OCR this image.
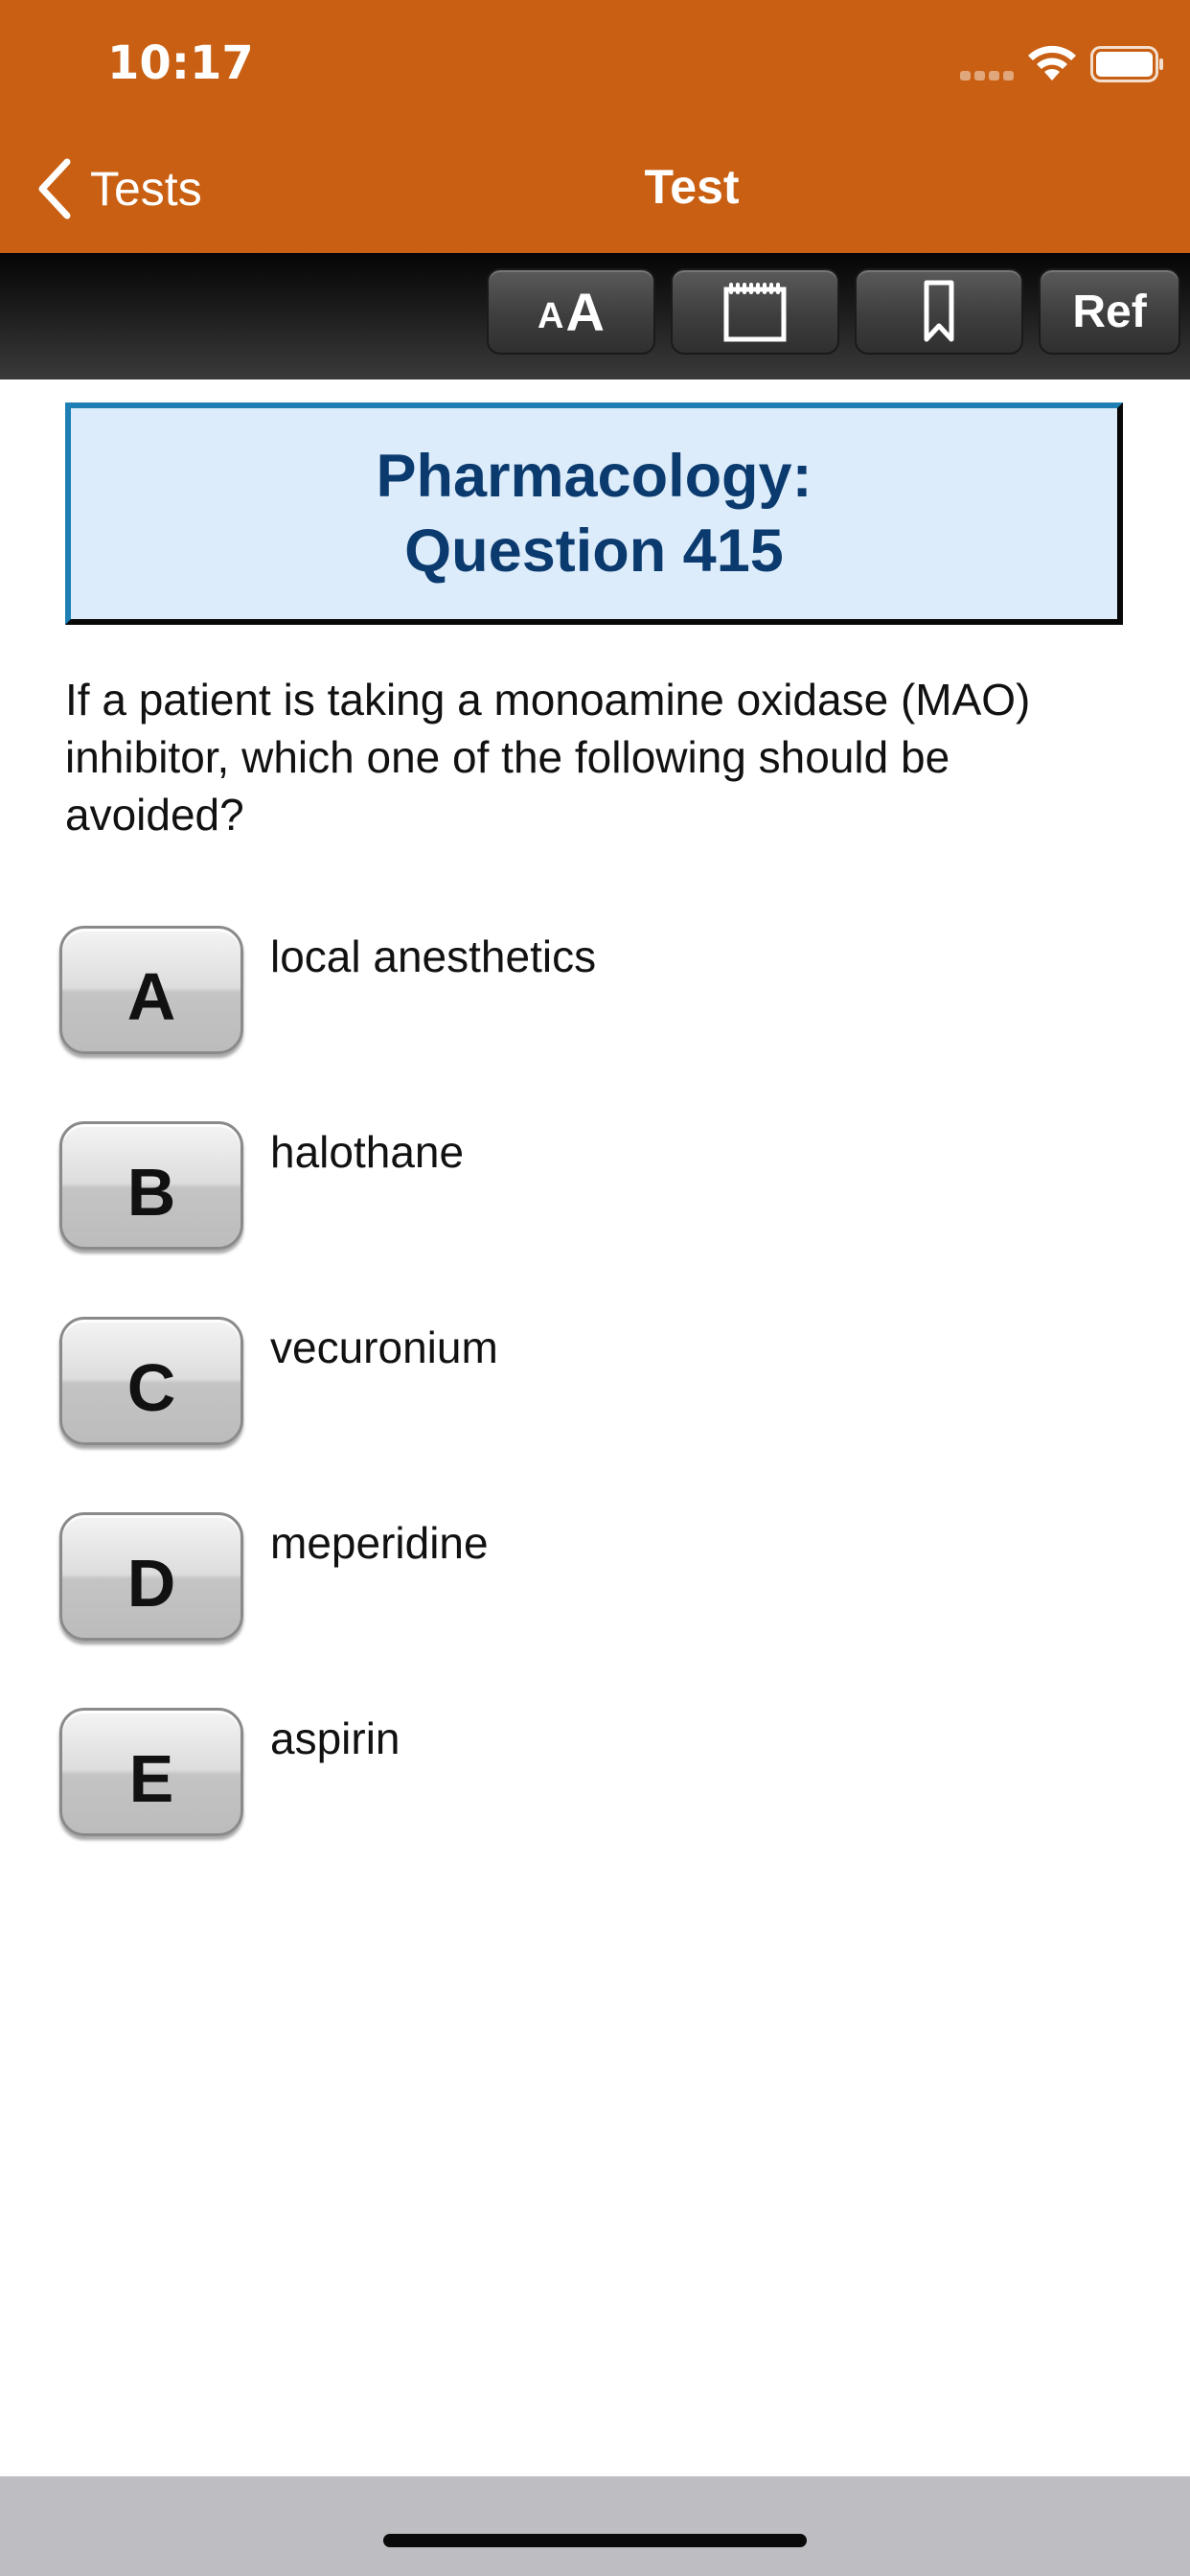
10:17
Tests	Test
A A	Ref
Pharmacology:
Question 415
If a patient is taking a monoamine oxidase (MAO) inhibitor, which one of the following should be avoided?
A
local anesthetics
B
halothane
C
vecuronium
D
meperidine
E
aspirin
